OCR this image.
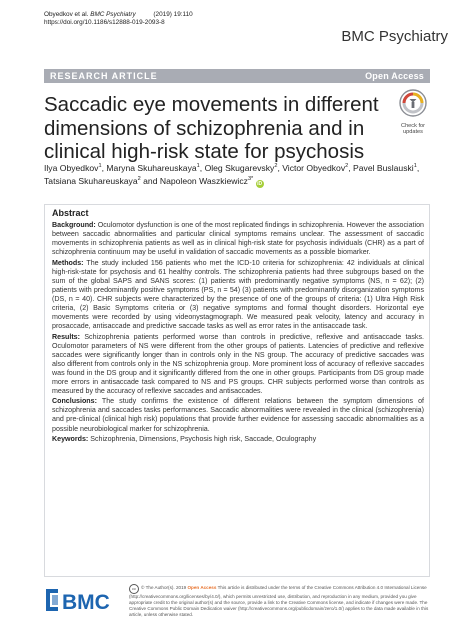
Obyedkov et al. BMC Psychiatry	(2019) 19:110
https://doi.org/10.1186/s12888-019-2093-8
BMC Psychiatry
RESEARCH ARTICLE	Open Access
Saccadic eye movements in different dimensions of schizophrenia and in clinical high-risk state for psychosis
Check for
updates
Ilya Obyedkov$^1$, Maryna Skuhareuskaya$^1$, Oleg Skugarevsky$^2$, Victor Obyedkov$^2$, Pavel Buslauski$^1$, Tatsiana Skuhareuskaya$^2$ and Napoleon Waszkiewicz$^{3*}$ iD
Abstract

Background: Oculomotor dysfunction is one of the most replicated findings in schizophrenia. However the association between saccadic abnormalities and particular clinical symptoms remains unclear. The assessment of saccadic movements in schizophrenia patients as well as in clinical high-risk state for psychosis individuals (CHR) as a part of schizophrenia continuum may be useful in validation of saccadic movements as a possible biomarker.

Methods: The study included 156 patients who met the ICD-10 criteria for schizophrenia: 42 individuals at clinical high-risk-state for psychosis and 61 healthy controls. The schizophrenia patients had three subgroups based on the sum of the global SAPS and SANS scores: (1) patients with predominantly negative symptoms (NS, n = 62); (2) patients with predominantly positive symptoms (PS, n = 54) (3) patients with predominantly disorganization symptoms (DS, n = 40). CHR subjects were characterized by the presence of one of the groups of criteria: (1) Ultra High Risk criteria, (2) Basic Symptoms criteria or (3) negative symptoms and formal thought disorders. Horizontal eye movements were recorded by using videonystagmograph. We measured peak velocity, latency and accuracy in prosaccade, antisaccade and predictive saccade tasks as well as error rates in the antisaccade task.

Results: Schizophrenia patients performed worse than controls in predictive, reflexive and antisaccade tasks. Oculomotor parameters of NS were different from the other groups of patients. Latencies of predictive and reflexive saccades were significantly longer than in controls only in the NS group. The accuracy of predictive saccades was also different from controls only in the NS schizophrenia group. More prominent loss of accuracy of reflexive saccades was found in the DS group and it significantly differed from the one in other groups. Participants from DS group made more errors in antisaccade task compared to NS and PS groups. CHR subjects performed worse than controls as measured by the accuracy of reflexive saccades and antisaccades.

Conclusions: The study confirms the existence of different relations between the symptom dimensions of schizophrenia and saccades tasks performances. Saccadic abnormalities were revealed in the clinical (schizophrenia) and pre-clinical (clinical high risk) populations that provide further evidence for assessing saccadic abnormalities as a possible neurobiological marker for schizophrenia.

Keywords: Schizophrenia, Dimensions, Psychosis high risk, Saccade, Oculography

BMC
cc © The Author(s). 2019 Open Access This article is distributed under the terms of the Creative Commons Attribution 4.0 International License (http://creativecommons.org/licenses/by/4.0/), which permits unrestricted use, distribution, and reproduction in any medium, provided you give appropriate credit to the original author(s) and the source, provide a link to the Creative Commons license, and indicate if changes were made. The Creative Commons Public Domain Dedication waiver (http://creativecommons.org/publicdomain/zero/1.0/) applies to the data made available in this article, unless otherwise stated.
